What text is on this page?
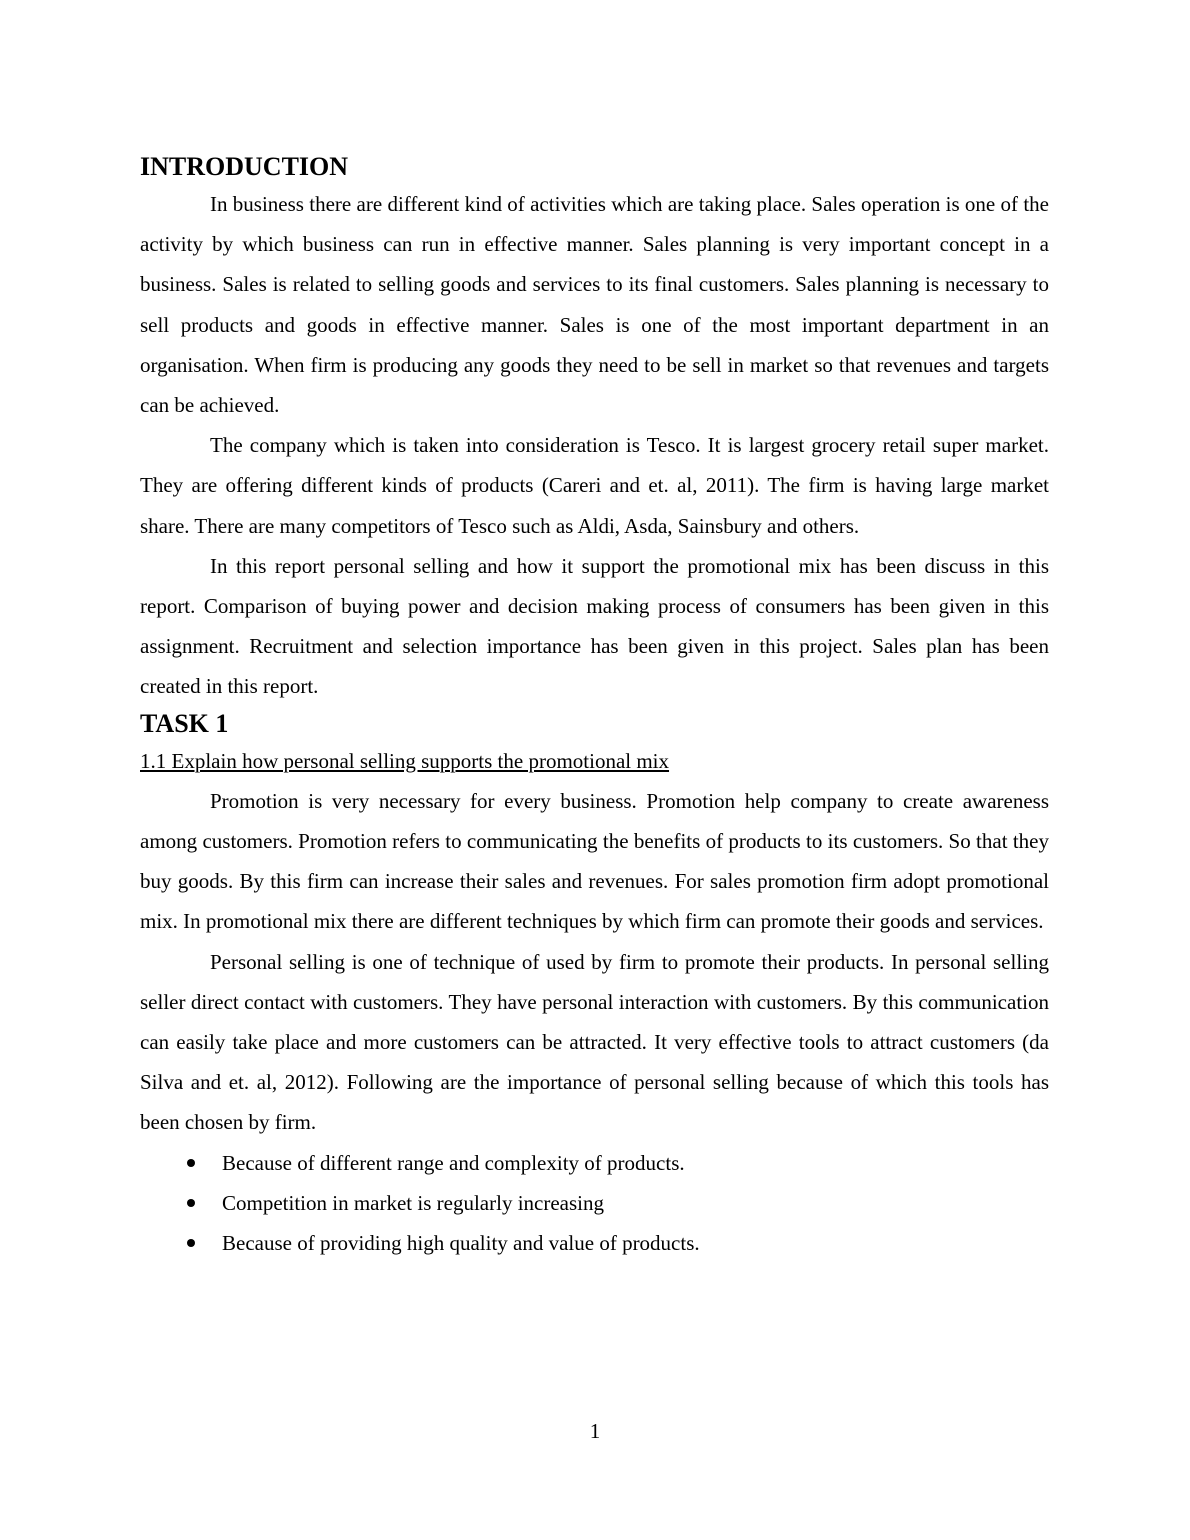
INTRODUCTION

In business there are different kind of activities which are taking place. Sales operation is one of the activity by which business can run in effective manner. Sales planning is very important concept in a business. Sales is related to selling goods and services to its final customers. Sales planning is necessary to sell products and goods in effective manner. Sales is one of the most important department in an organisation. When firm is producing any goods they need to be sell in market so that revenues and targets can be achieved.

The company which is taken into consideration is Tesco. It is largest grocery retail super market. They are offering different kinds of products (Careri and et. al, 2011). The firm is having large market share. There are many competitors of Tesco such as Aldi, Asda, Sainsbury and others.

In this report personal selling and how it support the promotional mix has been discuss in this report. Comparison of buying power and decision making process of consumers has been given in this assignment. Recruitment and selection importance has been given in this project. Sales plan has been created in this report.

TASK 1

1.1 Explain how personal selling supports the promotional mix

Promotion is very necessary for every business. Promotion help company to create awareness among customers. Promotion refers to communicating the benefits of products to its customers. So that they buy goods. By this firm can increase their sales and revenues. For sales promotion firm adopt promotional mix. In promotional mix there are different techniques by which firm can promote their goods and services.

Personal selling is one of technique of used by firm to promote their products. In personal selling seller direct contact with customers. They have personal interaction with customers. By this communication can easily take place and more customers can be attracted. It very effective tools to attract customers (da Silva and et. al, 2012). Following are the importance of personal selling because of which this tools has been chosen by firm.

Because of different range and complexity of products.
Competition in market is regularly increasing
Because of providing high quality and value of products.
1
